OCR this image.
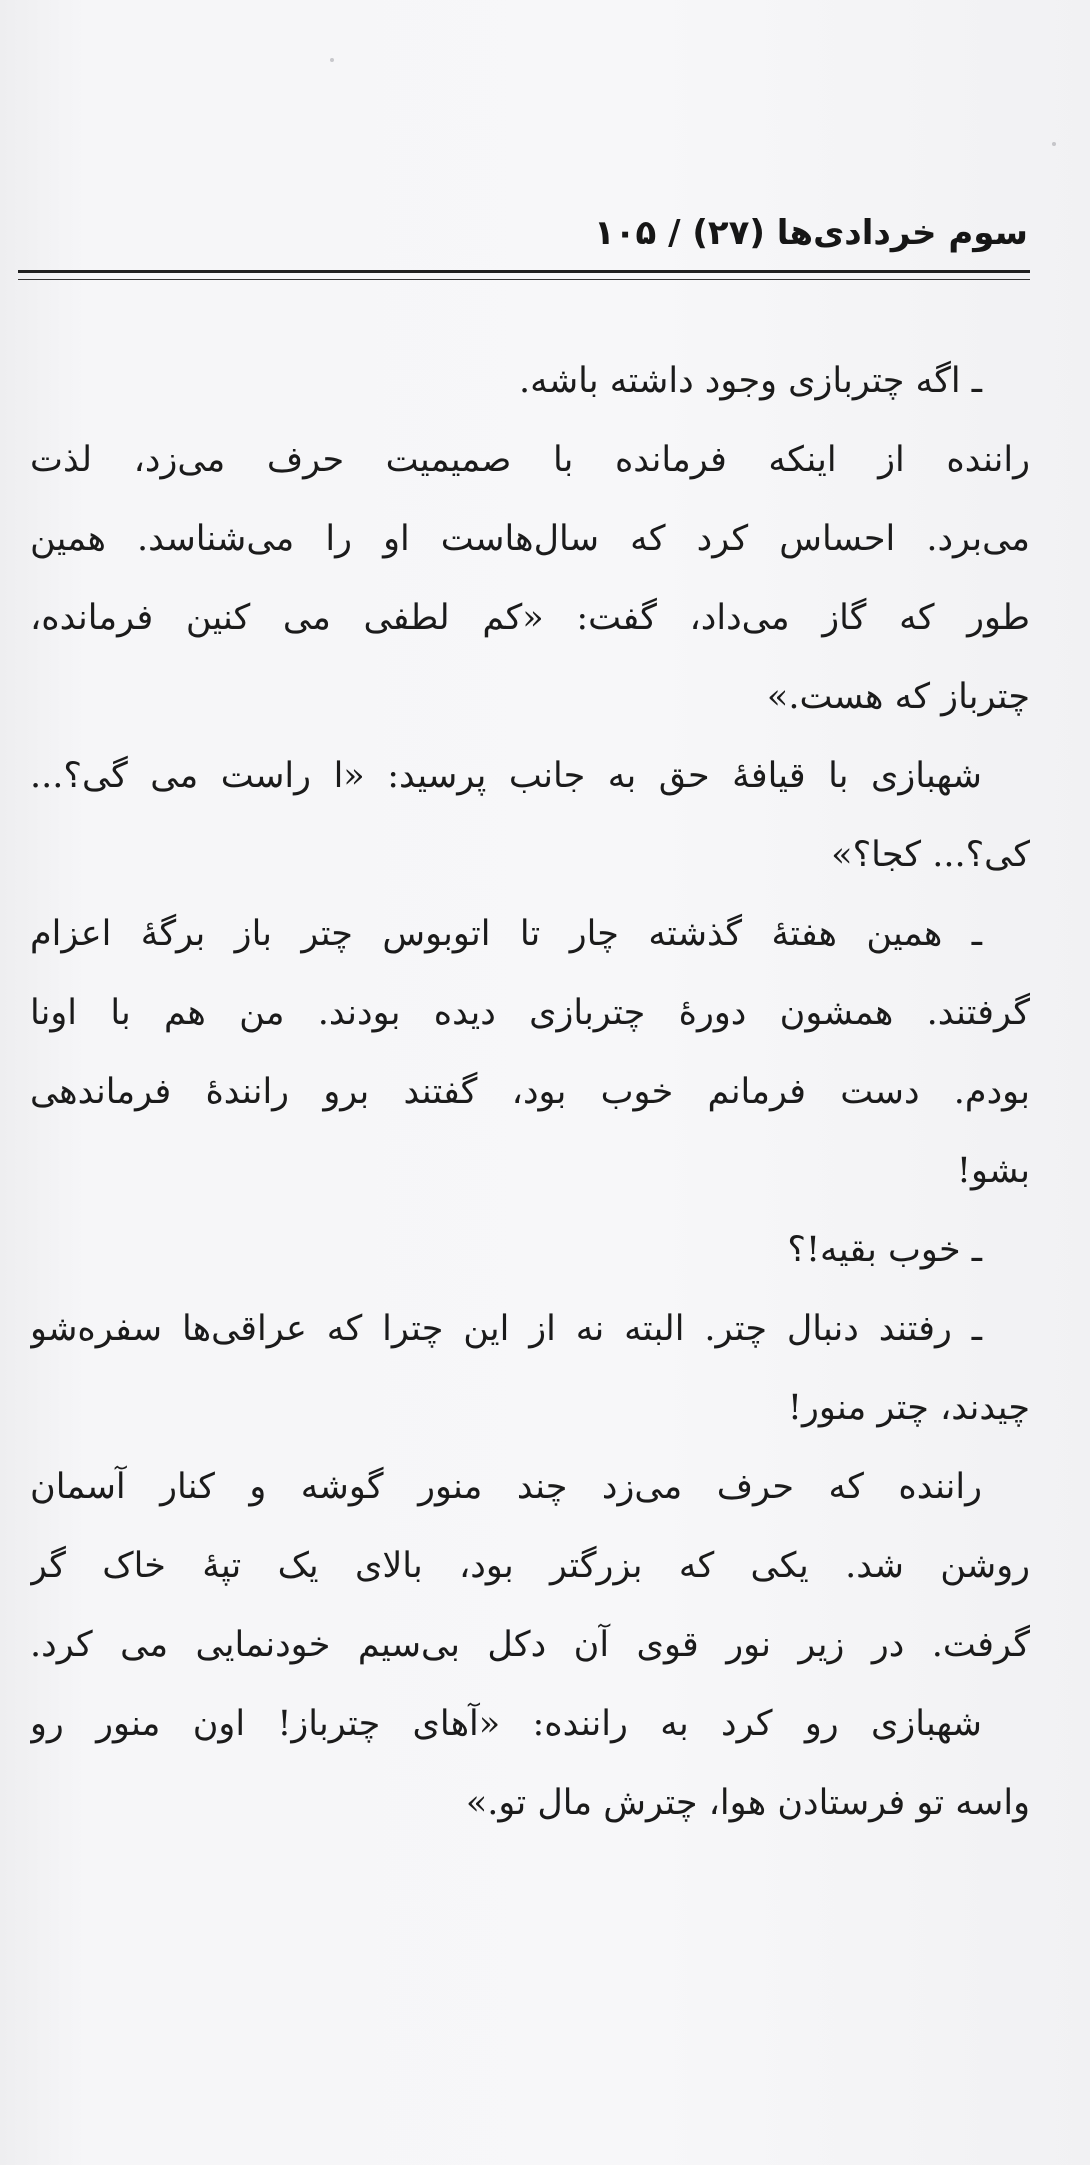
سوم خردادی‌ها (۲۷) / ۱۰۵
ـ اگه چتربازی وجود داشته باشه.
راننده از اینکه فرمانده با صمیمیت حرف می‌زد، لذت
می‌برد. احساس کرد که سال‌هاست او را می‌شناسد. همین
طور که گاز می‌داد، گفت: «کم لطفی می کنین فرمانده،
چترباز که هست.»
شهبازی با قیافۀ حق به جانب پرسید: «ا راست می گی؟...
کی؟... کجا؟»
ـ همین هفتۀ گذشته چار تا اتوبوس چتر باز برگۀ اعزام
گرفتند. همشون دورۀ چتربازی دیده بودند. من هم با اونا
بودم. دست فرمانم خوب بود، گفتند برو رانندۀ فرماندهی
بشو!
ـ خوب بقیه!؟
ـ رفتند دنبال چتر. البته نه از این چترا که عراقی‌ها سفره‌شو
چیدند، چتر منور!
راننده که حرف می‌زد چند منور گوشه و کنار آسمان
روشن شد. یکی که بزرگتر بود، بالای یک تپۀ خاک گر
گرفت. در زیر نور قوی آن دکل بی‌سیم خودنمایی می کرد.
شهبازی رو کرد به راننده: «آهای چترباز! اون منور رو
واسه تو فرستادن هوا، چترش مال تو.»
